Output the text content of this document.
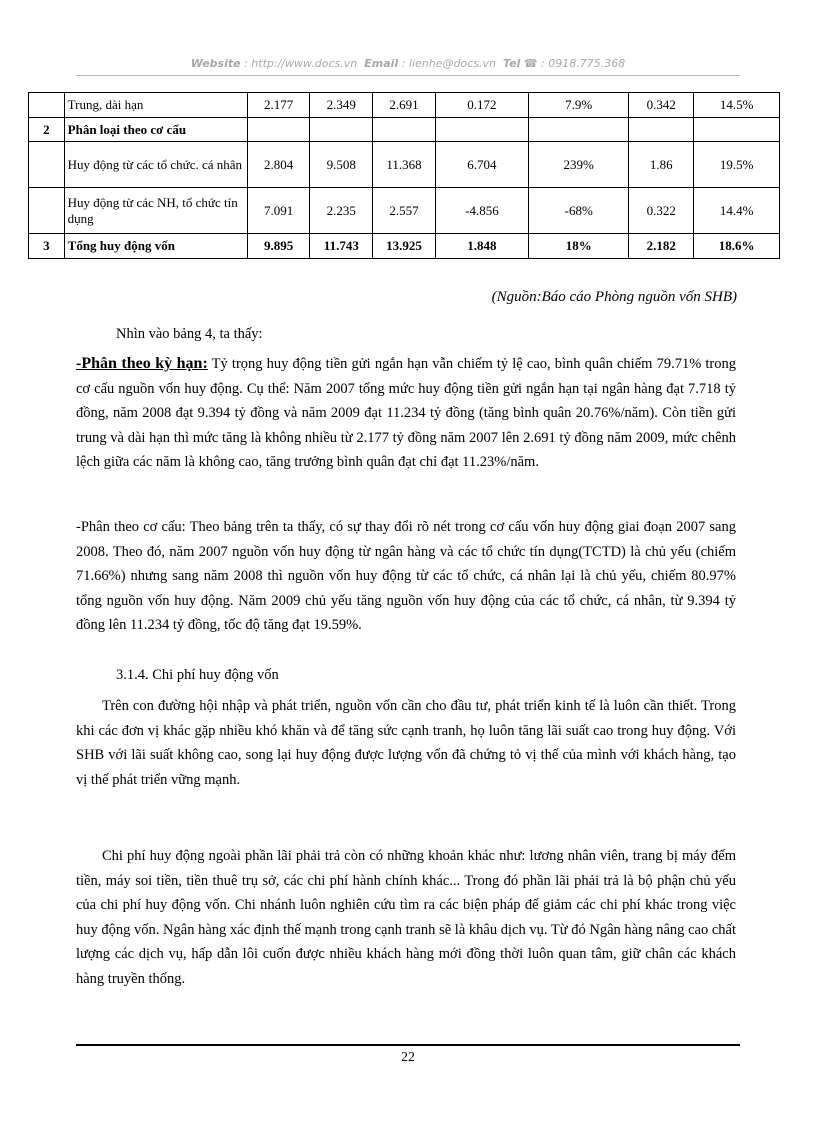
Website : http://www.docs.vn Email : lienhe@docs.vn Tel ☎ : 0918.775.368
	Trung, dài hạn	2.177	2.349	2.691	0.172	7.9%	0.342	14.5%
2	Phân loại theo cơ cấu							
	Huy động từ các tổ chức. cá nhân	2.804	9.508	11.368	6.704	239%	1.86	19.5%
	Huy động từ các NH, tổ chức tín dụng	7.091	2.235	2.557	-4.856	-68%	0.322	14.4%
3	Tổng huy động vốn	9.895	11.743	13.925	1.848	18%	2.182	18.6%
(Nguồn:Báo cáo Phòng nguồn vốn SHB)
Nhìn vào bảng 4, ta thấy:
-Phân theo kỳ hạn: Tỷ trọng huy động tiền gửi ngắn hạn vẫn chiếm tỷ lệ cao, bình quân chiếm 79.71% trong cơ cấu nguồn vốn huy động. Cụ thể: Năm 2007 tổng mức huy động tiền gửi ngắn hạn tại ngân hàng đạt 7.718 tỷ đồng, năm 2008 đạt 9.394 tỷ đồng và năm 2009 đạt 11.234 tỷ đồng (tăng bình quân 20.76%/năm). Còn tiền gửi trung và dài hạn thì mức tăng là không nhiều từ 2.177 tỷ đồng năm 2007 lên 2.691 tỷ đồng năm 2009, mức chênh lệch giữa các năm là không cao, tăng trưởng bình quân đạt chỉ đạt 11.23%/năm.
-Phân theo cơ cấu: Theo bảng trên ta thấy, có sự thay đổi rõ nét trong cơ cấu vốn huy động giai đoạn 2007 sang 2008. Theo đó, năm 2007 nguồn vốn huy động từ ngân hàng và các tổ chức tín dụng(TCTD) là chủ yếu (chiếm 71.66%) nhưng sang năm 2008 thì nguồn vốn huy động từ các tổ chức, cá nhân lại là chủ yếu, chiếm 80.97% tổng nguồn vốn huy động. Năm 2009 chủ yếu tăng nguồn vốn huy động của các tổ chức, cá nhân, từ 9.394 tỷ đồng lên 11.234 tỷ đồng, tốc độ tăng đạt 19.59%.
3.1.4. Chi phí huy động vốn
Trên con đường hội nhập và phát triển, nguồn vốn cần cho đầu tư, phát triển kinh tế là luôn cần thiết. Trong khi các đơn vị khác gặp nhiều khó khăn và để tăng sức cạnh tranh, họ luôn tăng lãi suất cao trong huy động. Với SHB với lãi suất không cao, song lại huy động được lượng vốn đã chứng tỏ vị thế của mình với khách hàng, tạo vị thế phát triển vững mạnh.
Chi phí huy động ngoài phần lãi phải trả còn có những khoản khác như: lương nhân viên, trang bị máy đếm tiền, máy soi tiền, tiền thuê trụ sở, các chi phí hành chính khác... Trong đó phần lãi phải trả là bộ phận chủ yếu của chi phí huy động vốn. Chi nhánh luôn nghiên cứu tìm ra các biện pháp để giảm các chi phí khác trong việc huy động vốn. Ngân hàng xác định thế mạnh trong cạnh tranh sẽ là khâu dịch vụ. Từ đó Ngân hàng nâng cao chất lượng các dịch vụ, hấp dẫn lôi cuốn được nhiều khách hàng mới đồng thời luôn quan tâm, giữ chân các khách hàng truyền thống.
22
